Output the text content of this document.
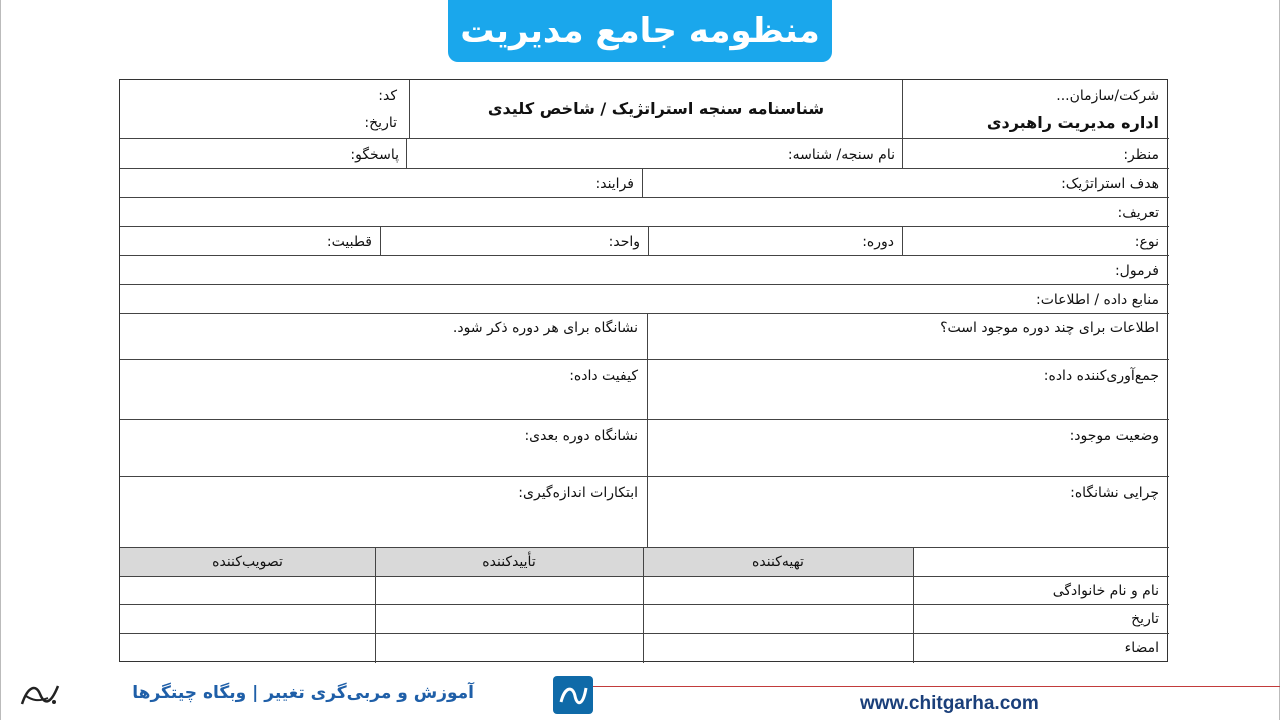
منظومه جامع مدیریت
کد:
تاریخ:
شناسنامه سنجه استراتژیک / شاخص کلیدی
شرکت/سازمان...
اداره مدیریت راهبردی
منظر:
نام سنجه/ شناسه:
پاسخگو:
هدف استراتژیک:
فرایند:
تعریف:
نوع:
دوره:
واحد:
قطبیت:
فرمول:
منابع داده / اطلاعات:
اطلاعات برای چند دوره موجود است؟
نشانگاه برای هر دوره ذکر شود.
جمع‌آوری‌کننده داده:
کیفیت داده:
وضعیت موجود:
نشانگاه دوره بعدی:
چرایی نشانگاه:
ابتکارات اندازه‌گیری:
تهیه‌کننده
تأییدکننده
تصویب‌کننده
نام و نام خانوادگی
تاریخ
امضاء
آموزش و مربی‌گری تغییر | وبگاه چیتگرها	www.chitgarha.com
